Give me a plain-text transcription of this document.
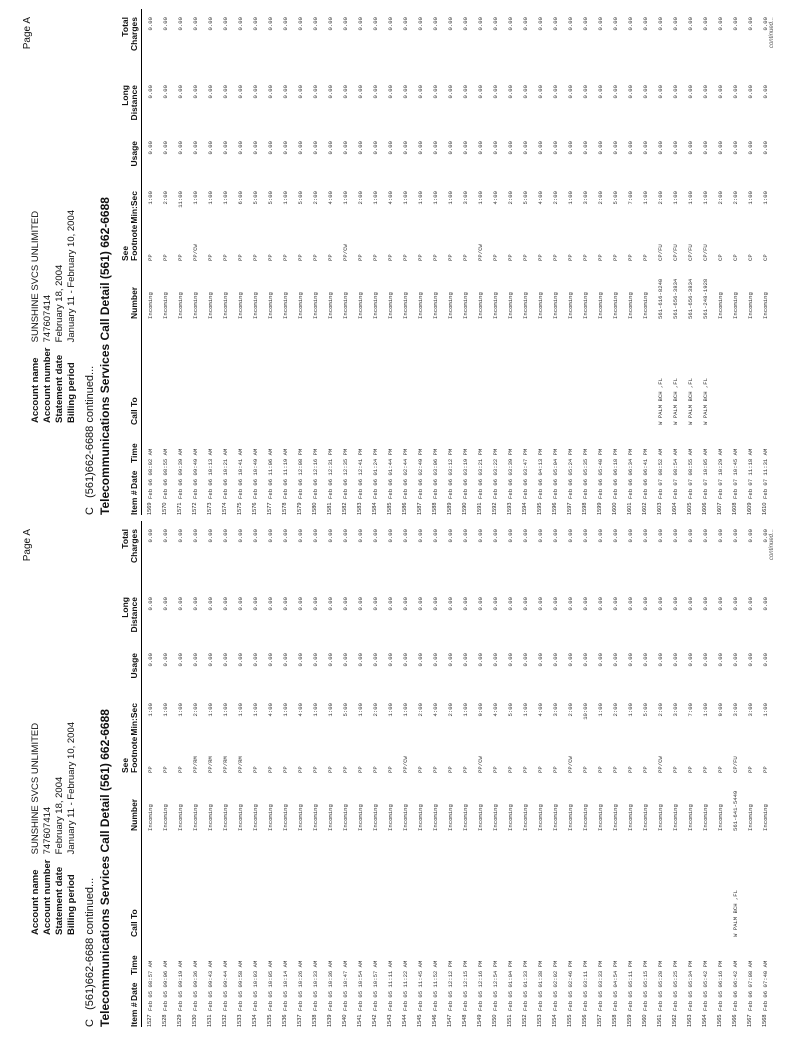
Page A
Account name SUNSHINE SVCS UNLIMITED
Account number 747607414
Statement date February 18, 2004
Billing period January 11 - February 10, 2004
C   (561)662-6688 continued... Telecommunications Services Call Detail (561) 662-6688 Item #
Date
Time
Call To
Number
See Footnote
Min:Sec
Usage
Long Distance
Total Charges
1527
Feb 05 08:57 AM
Incoming
PP
1:00
0.00
0.00
0.00
1528
Feb 05 09:06 AM
Incoming
PP
1:00
0.00
0.00
0.00
1529
Feb 05 09:19 AM
Incoming
PP
1:00
0.00
0.00
0.00
1530
Feb 05 09:36 AM
Incoming
PP/RM
2:00
0.00
0.00
0.00
1531
Feb 05 09:43 AM
Incoming
PP/RM
1:00
0.00
0.00
0.00
1532
Feb 05 09:44 AM
Incoming
PP/RM
1:00
0.00
0.00
0.00
1533
Feb 05 09:58 AM
Incoming
PP/RM
1:00
0.00
0.00
0.00
1534
Feb 05 10:03 AM
Incoming
PP
1:00
0.00
0.00
0.00
1535
Feb 05 10:05 AM
Incoming
PP
4:00
0.00
0.00
0.00
1536
Feb 05 10:14 AM
Incoming
PP
1:00
0.00
0.00
0.00
1537
Feb 05 10:26 AM
Incoming
PP
4:00
0.00
0.00
0.00
1538
Feb 05 10:33 AM
Incoming
PP
1:00
0.00
0.00
0.00
1539
Feb 05 10:36 AM
Incoming
PP
1:00
0.00
0.00
0.00
1540
Feb 05 10:47 AM
Incoming
PP
5:00
0.00
0.00
0.00
1541
Feb 05 10:54 AM
Incoming
PP
1:00
0.00
0.00
0.00
1542
Feb 05 10:57 AM
Incoming
PP
2:00
0.00
0.00
0.00
1543
Feb 05 11:11 AM
Incoming
PP
1:00
0.00
0.00
0.00
1544
Feb 05 11:22 AM
Incoming
PP/CW
1:00
0.00
0.00
0.00
1545
Feb 05 11:45 AM
Incoming
PP
2:00
0.00
0.00
0.00
1546
Feb 05 11:52 AM
Incoming
PP
4:00
0.00
0.00
0.00
1547
Feb 05 12:12 PM
Incoming
PP
2:00
0.00
0.00
0.00
1548
Feb 05 12:15 PM
Incoming
PP
1:00
0.00
0.00
0.00
1549
Feb 05 12:16 PM
Incoming
PP/CW
9:00
0.00
0.00
0.00
1550
Feb 05 12:54 PM
Incoming
PP
4:00
0.00
0.00
0.00
1551
Feb 05 01:04 PM
Incoming
PP
5:00
0.00
0.00
0.00
1552
Feb 05 01:33 PM
Incoming
PP
1:00
0.00
0.00
0.00
1553
Feb 05 01:38 PM
Incoming
PP
4:00
0.00
0.00
0.00
1554
Feb 05 02:02 PM
Incoming
PP
3:00
0.00
0.00
0.00
1555
Feb 05 02:46 PM
Incoming
PP/CW
2:00
0.00
0.00
0.00
1556
Feb 05 03:11 PM
Incoming
PP
10:00
0.00
0.00
0.00
1557
Feb 05 03:33 PM
Incoming
PP
1:00
0.00
0.00
0.00
1558
Feb 05 04:54 PM
Incoming
PP
2:00
0.00
0.00
0.00
1559
Feb 05 05:11 PM
Incoming
PP
1:00
0.00
0.00
0.00
1560
Feb 05 05:15 PM
Incoming
PP
5:00
0.00
0.00
0.00
1561
Feb 05 05:20 PM
Incoming
PP/CW
2:00
0.00
0.00
0.00
1562
Feb 05 05:25 PM
Incoming
PP
3:00
0.00
0.00
0.00
1563
Feb 05 05:34 PM
Incoming
PP
7:00
0.00
0.00
0.00
1564
Feb 05 05:42 PM
Incoming
PP
1:00
0.00
0.00
0.00
1565
Feb 05 06:16 PM
Incoming
PP
9:00
0.00
0.00
0.00
1566
Feb 06 06:42 AM
W PALM BCH ,FL
561-641-5449
CP/FU
3:00
0.00
0.00
0.00
1567
Feb 06 07:08 AM
Incoming
PP
3:00
0.00
0.00
0.00
1568
Feb 06 07:40 AM
Incoming
PP
1:00
0.00
0.00
0.00 continued...
Page A
Account name SUNSHINE SVCS UNLIMITED
Account number 747607414
Statement date February 18, 2004
Billing period January 11 - February 10, 2004
C   (561)662-6688 continued... Telecommunications Services Call Detail (561) 662-6688 Item #
Date
Time
Call To
Number
See Footnote
Min:Sec
Usage
Long Distance
Total Charges
1569
Feb 06 08:02 AM
Incoming
PP
1:00
0.00
0.00
0.00
1570
Feb 06 08:55 AM
Incoming
PP
2:00
0.00
0.00
0.00
1571
Feb 06 09:39 AM
Incoming
PP
11:00
0.00
0.00
0.00
1572
Feb 06 09:49 AM
Incoming
PP/CW
1:00
0.00
0.00
0.00
1573
Feb 06 10:13 AM
Incoming
PP
1:00
0.00
0.00
0.00
1574
Feb 06 10:21 AM
Incoming
PP
1:00
0.00
0.00
0.00
1575
Feb 06 10:41 AM
Incoming
PP
6:00
0.00
0.00
0.00
1576
Feb 06 10:49 AM
Incoming
PP
5:00
0.00
0.00
0.00
1577
Feb 06 11:06 AM
Incoming
PP
5:00
0.00
0.00
0.00
1578
Feb 06 11:19 AM
Incoming
PP
1:00
0.00
0.00
0.00
1579
Feb 06 12:08 PM
Incoming
PP
5:00
0.00
0.00
0.00
1580
Feb 06 12:16 PM
Incoming
PP
2:00
0.00
0.00
0.00
1581
Feb 06 12:31 PM
Incoming
PP
4:00
0.00
0.00
0.00
1582
Feb 06 12:35 PM
Incoming
PP/CW
1:00
0.00
0.00
0.00
1583
Feb 06 12:41 PM
Incoming
PP
2:00
0.00
0.00
0.00
1584
Feb 06 01:24 PM
Incoming
PP
1:00
0.00
0.00
0.00
1585
Feb 06 01:44 PM
Incoming
PP
4:00
0.00
0.00
0.00
1586
Feb 06 02:44 PM
Incoming
PP
1:00
0.00
0.00
0.00
1587
Feb 06 02:49 PM
Incoming
PP
1:00
0.00
0.00
0.00
1588
Feb 06 03:06 PM
Incoming
PP
1:00
0.00
0.00
0.00
1589
Feb 06 03:12 PM
Incoming
PP
1:00
0.00
0.00
0.00
1590
Feb 06 03:19 PM
Incoming
PP
3:00
0.00
0.00
0.00
1591
Feb 06 03:21 PM
Incoming
PP/CW
1:00
0.00
0.00
0.00
1592
Feb 06 03:22 PM
Incoming
PP
4:00
0.00
0.00
0.00
1593
Feb 06 03:39 PM
Incoming
PP
2:00
0.00
0.00
0.00
1594
Feb 06 03:47 PM
Incoming
PP
5:00
0.00
0.00
0.00
1595
Feb 06 04:13 PM
Incoming
PP
4:00
0.00
0.00
0.00
1596
Feb 06 05:04 PM
Incoming
PP
2:00
0.00
0.00
0.00
1597
Feb 06 05:24 PM
Incoming
PP
1:00
0.00
0.00
0.00
1598
Feb 06 05:35 PM
Incoming
PP
3:00
0.00
0.00
0.00
1599
Feb 06 05:40 PM
Incoming
PP
2:00
0.00
0.00
0.00
1600
Feb 06 06:18 PM
Incoming
PP
5:00
0.00
0.00
0.00
1601
Feb 06 06:34 PM
Incoming
PP
7:00
0.00
0.00
0.00
1602
Feb 06 06:41 PM
Incoming
PP
1:00
0.00
0.00
0.00
1603
Feb 07 08:52 AM
W PALM BCH ,FL
561-616-8240
CP/FU
2:00
0.00
0.00
0.00
1604
Feb 07 08:54 AM
W PALM BCH ,FL
561-656-3834
CP/FU
1:00
0.00
0.00
0.00
1605
Feb 07 08:55 AM
W PALM BCH ,FL
561-656-3834
CP/FU
1:00
0.00
0.00
0.00
1606
Feb 07 10:05 AM
W PALM BCH ,FL
561-248-1928
CP/FU
1:00
0.00
0.00
0.00
1607
Feb 07 10:29 AM
Incoming
CP
2:00
0.00
0.00
0.00
1608
Feb 07 10:45 AM
Incoming
CP
2:00
0.00
0.00
0.00
1609
Feb 07 11:18 AM
Incoming
CP
1:00
0.00
0.00
0.00
1610
Feb 07 11:31 AM
Incoming
CP
1:00
0.00
0.00
0.00 continued...
